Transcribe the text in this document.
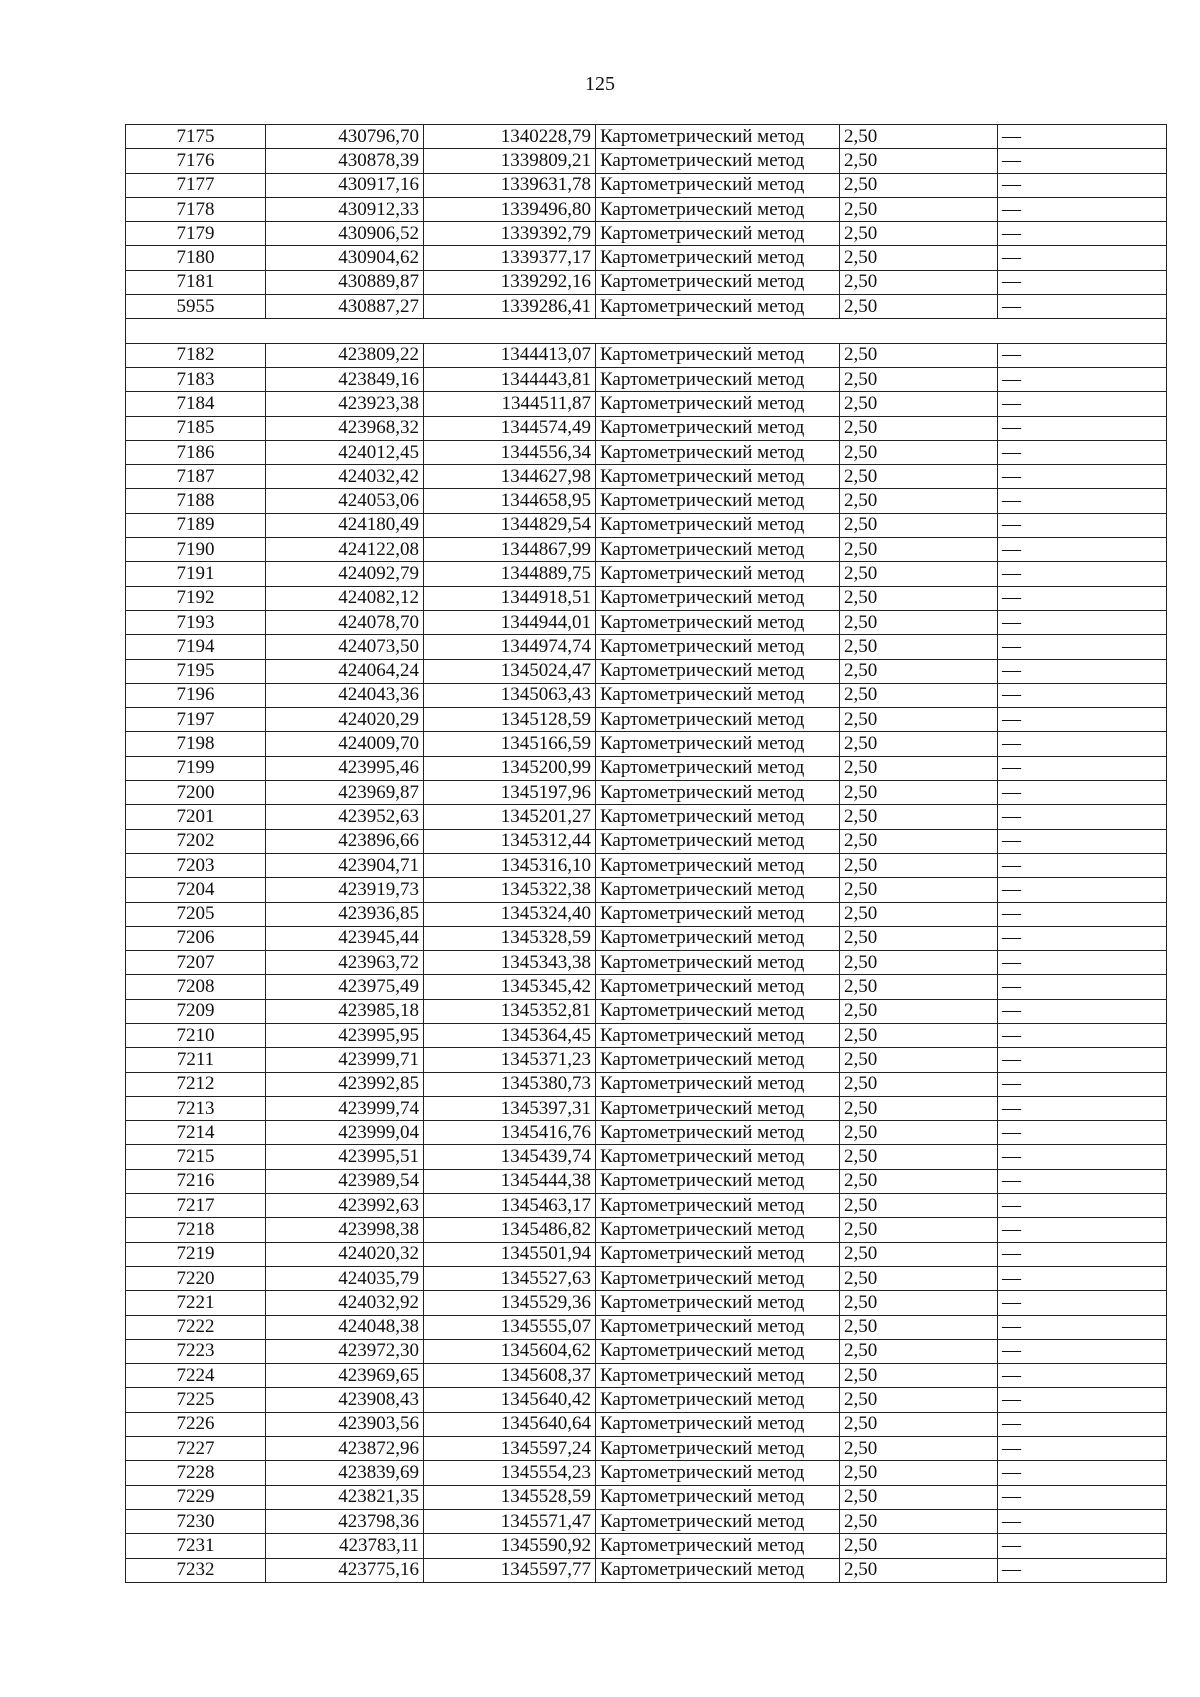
125
7175	430796,70	1340228,79	Картометрический метод	2,50	—
7176	430878,39	1339809,21	Картометрический метод	2,50	—
7177	430917,16	1339631,78	Картометрический метод	2,50	—
7178	430912,33	1339496,80	Картометрический метод	2,50	—
7179	430906,52	1339392,79	Картометрический метод	2,50	—
7180	430904,62	1339377,17	Картометрический метод	2,50	—
7181	430889,87	1339292,16	Картометрический метод	2,50	—
5955	430887,27	1339286,41	Картометрический метод	2,50	—

7182	423809,22	1344413,07	Картометрический метод	2,50	—
7183	423849,16	1344443,81	Картометрический метод	2,50	—
7184	423923,38	1344511,87	Картометрический метод	2,50	—
7185	423968,32	1344574,49	Картометрический метод	2,50	—
7186	424012,45	1344556,34	Картометрический метод	2,50	—
7187	424032,42	1344627,98	Картометрический метод	2,50	—
7188	424053,06	1344658,95	Картометрический метод	2,50	—
7189	424180,49	1344829,54	Картометрический метод	2,50	—
7190	424122,08	1344867,99	Картометрический метод	2,50	—
7191	424092,79	1344889,75	Картометрический метод	2,50	—
7192	424082,12	1344918,51	Картометрический метод	2,50	—
7193	424078,70	1344944,01	Картометрический метод	2,50	—
7194	424073,50	1344974,74	Картометрический метод	2,50	—
7195	424064,24	1345024,47	Картометрический метод	2,50	—
7196	424043,36	1345063,43	Картометрический метод	2,50	—
7197	424020,29	1345128,59	Картометрический метод	2,50	—
7198	424009,70	1345166,59	Картометрический метод	2,50	—
7199	423995,46	1345200,99	Картометрический метод	2,50	—
7200	423969,87	1345197,96	Картометрический метод	2,50	—
7201	423952,63	1345201,27	Картометрический метод	2,50	—
7202	423896,66	1345312,44	Картометрический метод	2,50	—
7203	423904,71	1345316,10	Картометрический метод	2,50	—
7204	423919,73	1345322,38	Картометрический метод	2,50	—
7205	423936,85	1345324,40	Картометрический метод	2,50	—
7206	423945,44	1345328,59	Картометрический метод	2,50	—
7207	423963,72	1345343,38	Картометрический метод	2,50	—
7208	423975,49	1345345,42	Картометрический метод	2,50	—
7209	423985,18	1345352,81	Картометрический метод	2,50	—
7210	423995,95	1345364,45	Картометрический метод	2,50	—
7211	423999,71	1345371,23	Картометрический метод	2,50	—
7212	423992,85	1345380,73	Картометрический метод	2,50	—
7213	423999,74	1345397,31	Картометрический метод	2,50	—
7214	423999,04	1345416,76	Картометрический метод	2,50	—
7215	423995,51	1345439,74	Картометрический метод	2,50	—
7216	423989,54	1345444,38	Картометрический метод	2,50	—
7217	423992,63	1345463,17	Картометрический метод	2,50	—
7218	423998,38	1345486,82	Картометрический метод	2,50	—
7219	424020,32	1345501,94	Картометрический метод	2,50	—
7220	424035,79	1345527,63	Картометрический метод	2,50	—
7221	424032,92	1345529,36	Картометрический метод	2,50	—
7222	424048,38	1345555,07	Картометрический метод	2,50	—
7223	423972,30	1345604,62	Картометрический метод	2,50	—
7224	423969,65	1345608,37	Картометрический метод	2,50	—
7225	423908,43	1345640,42	Картометрический метод	2,50	—
7226	423903,56	1345640,64	Картометрический метод	2,50	—
7227	423872,96	1345597,24	Картометрический метод	2,50	—
7228	423839,69	1345554,23	Картометрический метод	2,50	—
7229	423821,35	1345528,59	Картометрический метод	2,50	—
7230	423798,36	1345571,47	Картометрический метод	2,50	—
7231	423783,11	1345590,92	Картометрический метод	2,50	—
7232	423775,16	1345597,77	Картометрический метод	2,50	—
